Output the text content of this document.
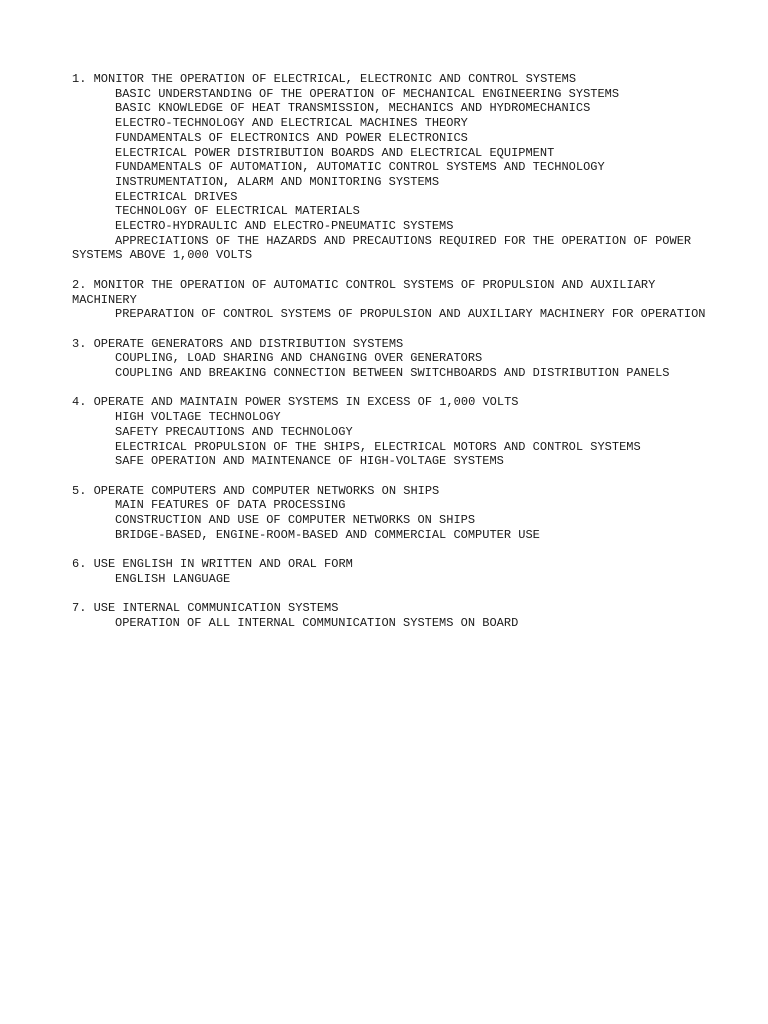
1. MONITOR THE OPERATION OF ELECTRICAL, ELECTRONIC AND CONTROL SYSTEMS
BASIC UNDERSTANDING OF THE OPERATION OF MECHANICAL ENGINEERING SYSTEMS
BASIC KNOWLEDGE OF HEAT TRANSMISSION, MECHANICS AND HYDROMECHANICS
ELECTRO-TECHNOLOGY AND ELECTRICAL MACHINES THEORY
FUNDAMENTALS OF ELECTRONICS AND POWER ELECTRONICS
ELECTRICAL POWER DISTRIBUTION BOARDS AND ELECTRICAL EQUIPMENT
FUNDAMENTALS OF AUTOMATION, AUTOMATIC CONTROL SYSTEMS AND TECHNOLOGY
INSTRUMENTATION, ALARM AND MONITORING SYSTEMS
ELECTRICAL DRIVES
TECHNOLOGY OF ELECTRICAL MATERIALS
ELECTRO-HYDRAULIC AND ELECTRO-PNEUMATIC SYSTEMS
APPRECIATIONS OF THE HAZARDS AND PRECAUTIONS REQUIRED FOR THE OPERATION OF POWER SYSTEMS ABOVE 1,000 VOLTS
2. MONITOR THE OPERATION OF AUTOMATIC CONTROL SYSTEMS OF PROPULSION AND AUXILIARY MACHINERY
PREPARATION OF CONTROL SYSTEMS OF PROPULSION AND AUXILIARY MACHINERY FOR OPERATION
3. OPERATE GENERATORS AND DISTRIBUTION SYSTEMS
COUPLING, LOAD SHARING AND CHANGING OVER GENERATORS
COUPLING AND BREAKING CONNECTION BETWEEN SWITCHBOARDS AND DISTRIBUTION PANELS
4. OPERATE AND MAINTAIN POWER SYSTEMS IN EXCESS OF 1,000 VOLTS
HIGH VOLTAGE TECHNOLOGY
SAFETY PRECAUTIONS AND TECHNOLOGY
ELECTRICAL PROPULSION OF THE SHIPS, ELECTRICAL MOTORS AND CONTROL SYSTEMS
SAFE OPERATION AND MAINTENANCE OF HIGH-VOLTAGE SYSTEMS
5. OPERATE COMPUTERS AND COMPUTER NETWORKS ON SHIPS
MAIN FEATURES OF DATA PROCESSING
CONSTRUCTION AND USE OF COMPUTER NETWORKS ON SHIPS
BRIDGE-BASED, ENGINE-ROOM-BASED AND COMMERCIAL COMPUTER USE
6. USE ENGLISH IN WRITTEN AND ORAL FORM
ENGLISH LANGUAGE
7. USE INTERNAL COMMUNICATION SYSTEMS
OPERATION OF ALL INTERNAL COMMUNICATION SYSTEMS ON BOARD
